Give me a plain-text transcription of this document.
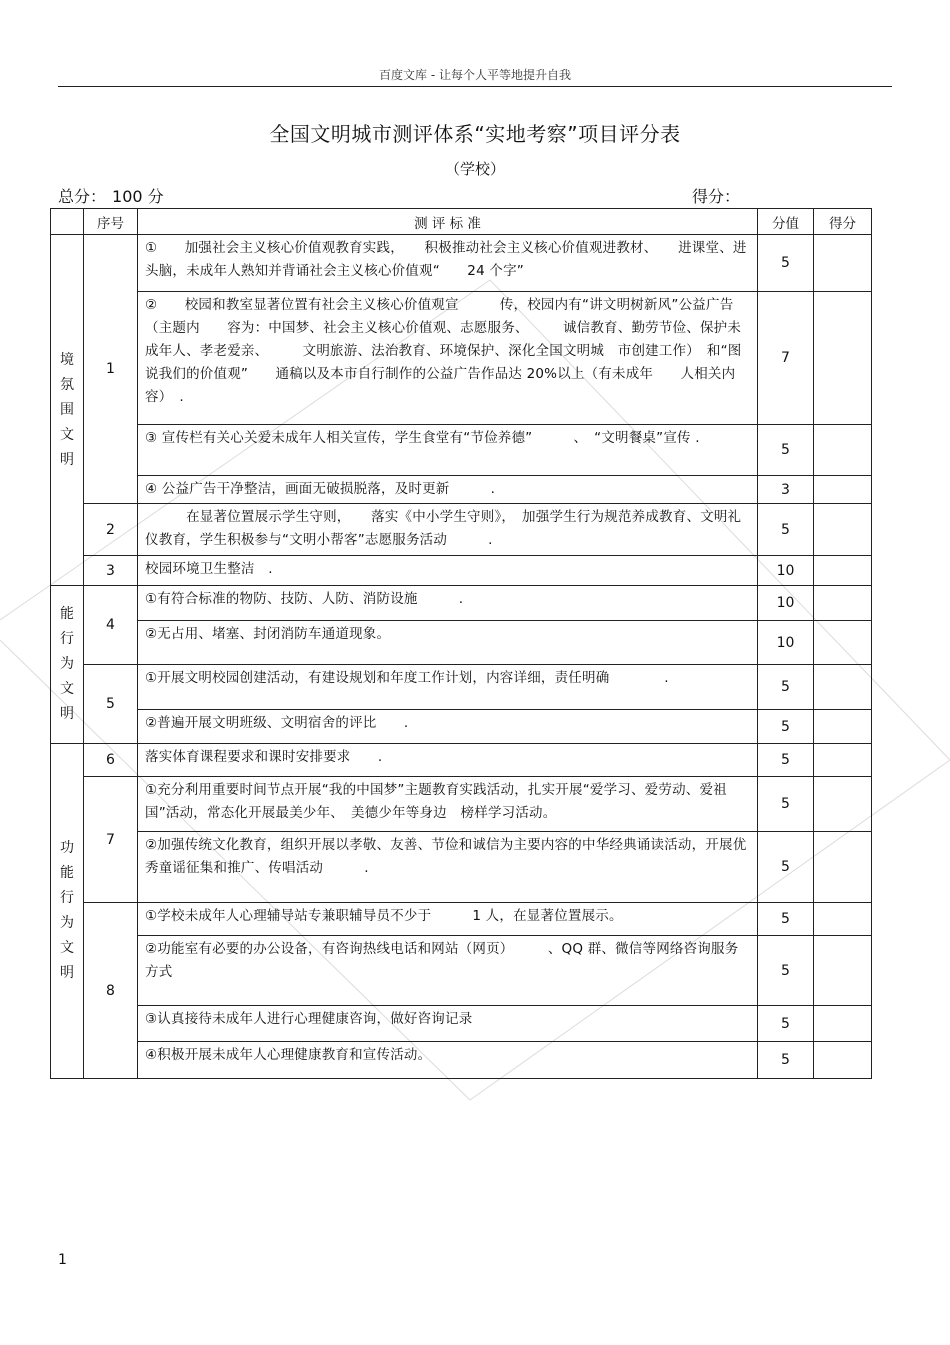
百度文库 - 让每个人平等地提升自我
全国文明城市测评体系“实地考察”项目评分表
（学校）
总分： 100 分	得分：
	序号	测 评 标 准	分值	得分

境氛围文明	1	①　　加强社会主义核心价值观教育实践，　　积极推动社会主义核心价值观进教材、　　进课堂、进头脑，未成年人熟知并背诵社会主义核心价值观“　　24 个字”	5	
		②　　校园和教室显著位置有社会主义核心价值观宣　　　传，校园内有“讲文明树新风”公益广告（主题内　　容为：中国梦、社会主义核心价值观、志愿服务、　　　诚信教育、勤劳节俭、保护未成年人、孝老爱亲、　　　文明旅游、法治教育、环境保护、深化全国文明城　市创建工作）　和“图说我们的价值观”　　通稿以及本市自行制作的公益广告作品达 20%以上（有未成年　　人相关内容）　.	7	
		③ 宣传栏有关心关爱未成年人相关宣传，学生食堂有“节俭养德”　　　、　“文明餐桌”宣传 .	5	
		④ 公益广告干净整洁，画面无破损脱落，及时更新　　　.	3	
	2	　　　在显著位置展示学生守则，　　落实《中小学生守则》，　加强学生行为规范养成教育、文明礼仪教育，学生积极参与“文明小帮客”志愿服务活动　　　.	5	
	3	校园环境卫生整洁　.	10	

能行为文明	4	①有符合标准的物防、技防、人防、消防设施　　　.	10	
		②无占用、堵塞、封闭消防车通道现象。	10	
	5	①开展文明校园创建活动，有建设规划和年度工作计划，内容详细，责任明确　　　　.	5	
		②普遍开展文明班级、文明宿舍的评比　　.	5	

功能行为文明	6	落实体育课程要求和课时安排要求　　.	5	
	7	①充分利用重要时间节点开展“我的中国梦”主题教育实践活动，扎实开展“爱学习、爱劳动、爱祖国”活动，常态化开展最美少年、　美德少年等身边　榜样学习活动。	5	
		②加强传统文化教育，组织开展以孝敬、友善、节俭和诚信为主要内容的中华经典诵读活动，开展优秀童谣征集和推广、传唱活动　　　.	5	
	8	①学校未成年人心理辅导站专兼职辅导员不少于　　　1 人，在显著位置展示。	5	
		②功能室有必要的办公设备，有咨询热线电话和网站（网页）　　　、QQ 群、微信等网络咨询服务方式	5	
		③认真接待未成年人进行心理健康咨询，做好咨询记录	5	
		④积极开展未成年人心理健康教育和宣传活动。	5	
1
